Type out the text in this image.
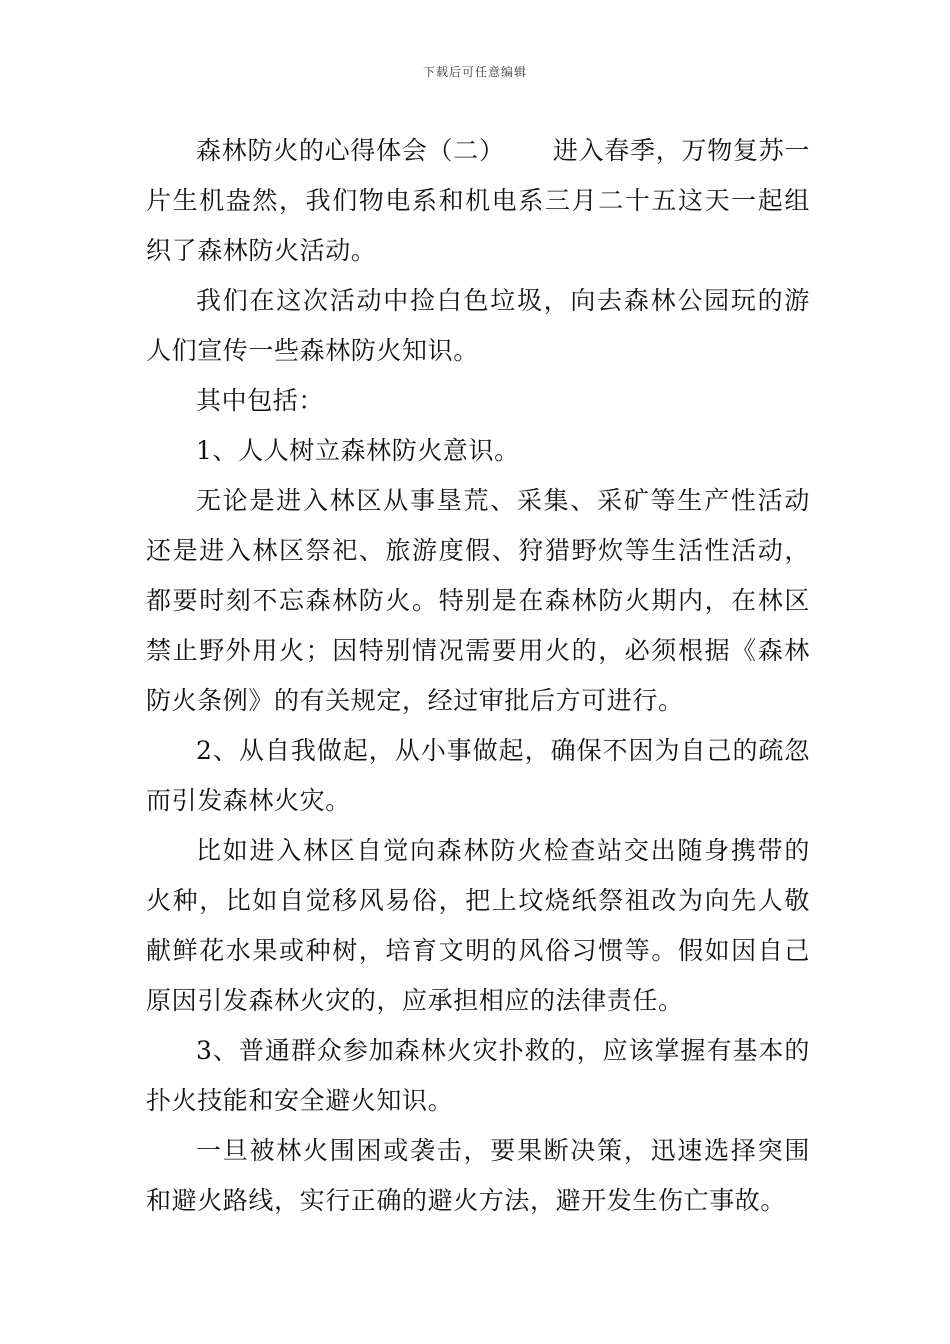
下载后可任意编辑

森林防火的心得体会（二） 进入春季，万物复苏一片生机盎然，我们物电系和机电系三月二十五这天一起组织了森林防火活动。

我们在这次活动中捡白色垃圾，向去森林公园玩的游人们宣传一些森林防火知识。

其中包括：

1、人人树立森林防火意识。

无论是进入林区从事垦荒、采集、采矿等生产性活动还是进入林区祭祀、旅游度假、狩猎野炊等生活性活动，都要时刻不忘森林防火。特别是在森林防火期内，在林区禁止野外用火；因特别情况需要用火的，必须根据《森林防火条例》的有关规定，经过审批后方可进行。

2、从自我做起，从小事做起，确保不因为自己的疏忽而引发森林火灾。

比如进入林区自觉向森林防火检查站交出随身携带的火种，比如自觉移风易俗，把上坟烧纸祭祖改为向先人敬献鲜花水果或种树，培育文明的风俗习惯等。假如因自己原因引发森林火灾的，应承担相应的法律责任。

3、普通群众参加森林火灾扑救的，应该掌握有基本的扑火技能和安全避火知识。

一旦被林火围困或袭击，要果断决策，迅速选择突围和避火路线，实行正确的避火方法，避开发生伤亡事故。
